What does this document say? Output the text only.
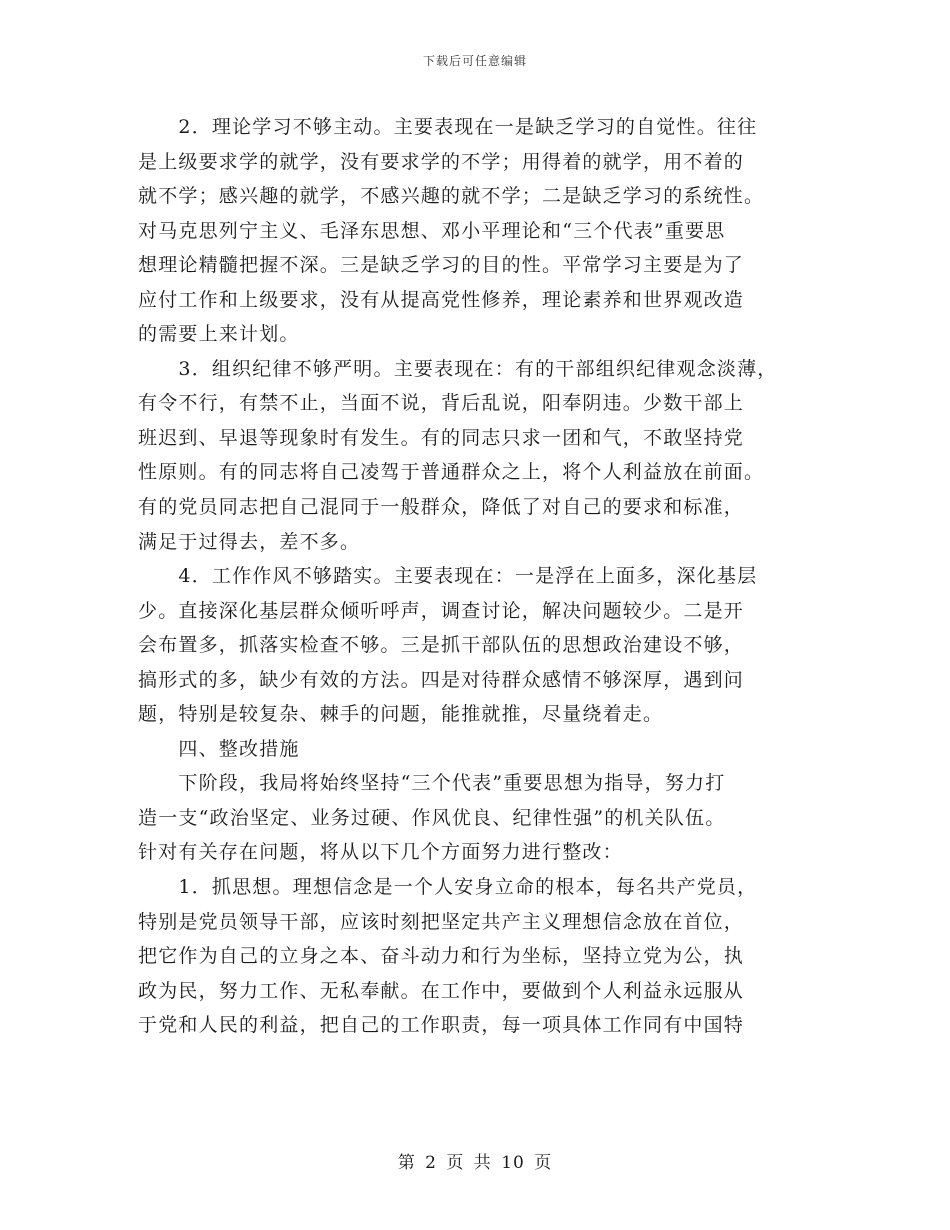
下载后可任意编辑
　　2．理论学习不够主动。主要表现在一是缺乏学习的自觉性。往往
是上级要求学的就学，没有要求学的不学；用得着的就学，用不着的
就不学；感兴趣的就学，不感兴趣的就不学；二是缺乏学习的系统性。
对马克思列宁主义、毛泽东思想、邓小平理论和“三个代表”重要思
想理论精髓把握不深。三是缺乏学习的目的性。平常学习主要是为了
应付工作和上级要求，没有从提高党性修养，理论素养和世界观改造
的需要上来计划。
　　3．组织纪律不够严明。主要表现在：有的干部组织纪律观念淡薄，
有令不行，有禁不止，当面不说，背后乱说，阳奉阴违。少数干部上
班迟到、早退等现象时有发生。有的同志只求一团和气，不敢坚持党
性原则。有的同志将自己凌驾于普通群众之上，将个人利益放在前面。
有的党员同志把自己混同于一般群众，降低了对自己的要求和标准，
满足于过得去，差不多。
　　4．工作作风不够踏实。主要表现在：一是浮在上面多，深化基层
少。直接深化基层群众倾听呼声，调查讨论，解决问题较少。二是开
会布置多，抓落实检查不够。三是抓干部队伍的思想政治建设不够，
搞形式的多，缺少有效的方法。四是对待群众感情不够深厚，遇到问
题，特别是较复杂、棘手的问题，能推就推，尽量绕着走。
　　四、整改措施
　　下阶段，我局将始终坚持“三个代表”重要思想为指导，努力打
造一支“政治坚定、业务过硬、作风优良、纪律性强”的机关队伍。
针对有关存在问题，将从以下几个方面努力进行整改：
　　1．抓思想。理想信念是一个人安身立命的根本，每名共产党员，
特别是党员领导干部，应该时刻把坚定共产主义理想信念放在首位，
把它作为自己的立身之本、奋斗动力和行为坐标，坚持立党为公，执
政为民，努力工作、无私奉献。在工作中，要做到个人利益永远服从
于党和人民的利益，把自己的工作职责，每一项具体工作同有中国特
第 2 页 共 10 页
